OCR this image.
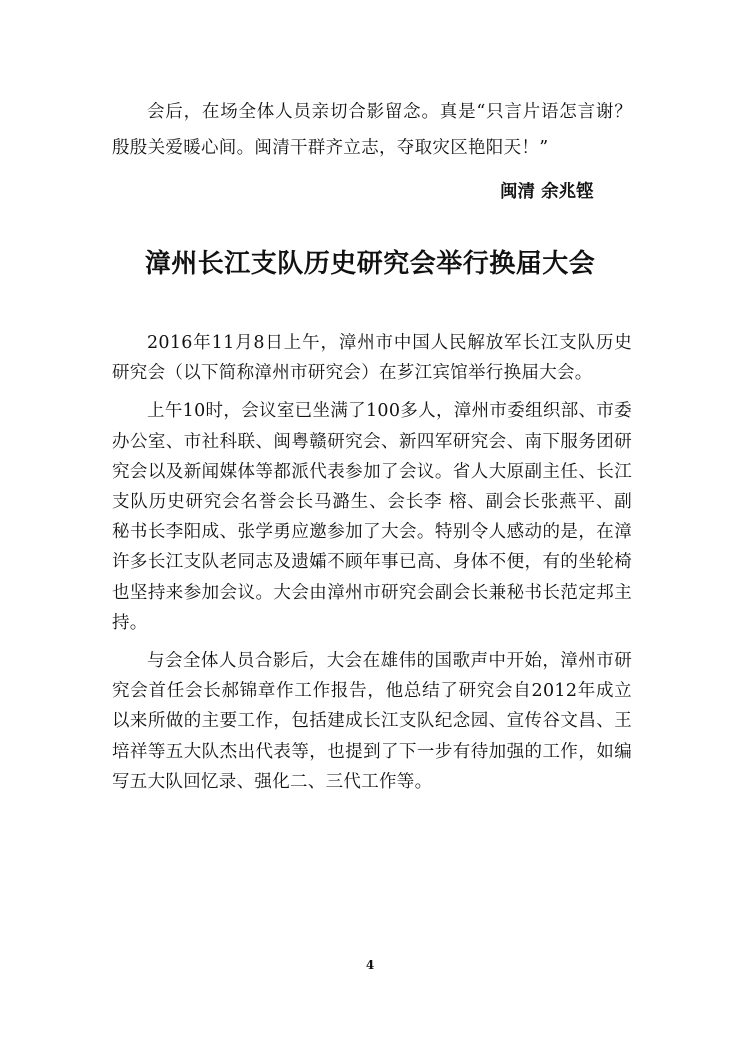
会后，在场全体人员亲切合影留念。真是“只言片语怎言谢？殷殷关爱暖心间。闽清干群齐立志，夺取灾区艳阳天！”

闽清 余兆铿
漳州长江支队历史研究会举行换届大会

2016年11月8日上午，漳州市中国人民解放军长江支队历史研究会（以下简称漳州市研究会）在芗江宾馆举行换届大会。

上午10时，会议室已坐满了100多人，漳州市委组织部、市委办公室、市社科联、闽粤赣研究会、新四军研究会、南下服务团研究会以及新闻媒体等都派代表参加了会议。省人大原副主任、长江支队历史研究会名誉会长马潞生、会长李 榕、副会长张燕平、副秘书长李阳成、张学勇应邀参加了大会。特别令人感动的是，在漳许多长江支队老同志及遗孀不顾年事已高、身体不便，有的坐轮椅也坚持来参加会议。大会由漳州市研究会副会长兼秘书长范定邦主持。

与会全体人员合影后，大会在雄伟的国歌声中开始，漳州市研究会首任会长郝锦章作工作报告，他总结了研究会自2012年成立以来所做的主要工作，包括建成长江支队纪念园、宣传谷文昌、王培祥等五大队杰出代表等，也提到了下一步有待加强的工作，如编写五大队回忆录、强化二、三代工作等。

4
